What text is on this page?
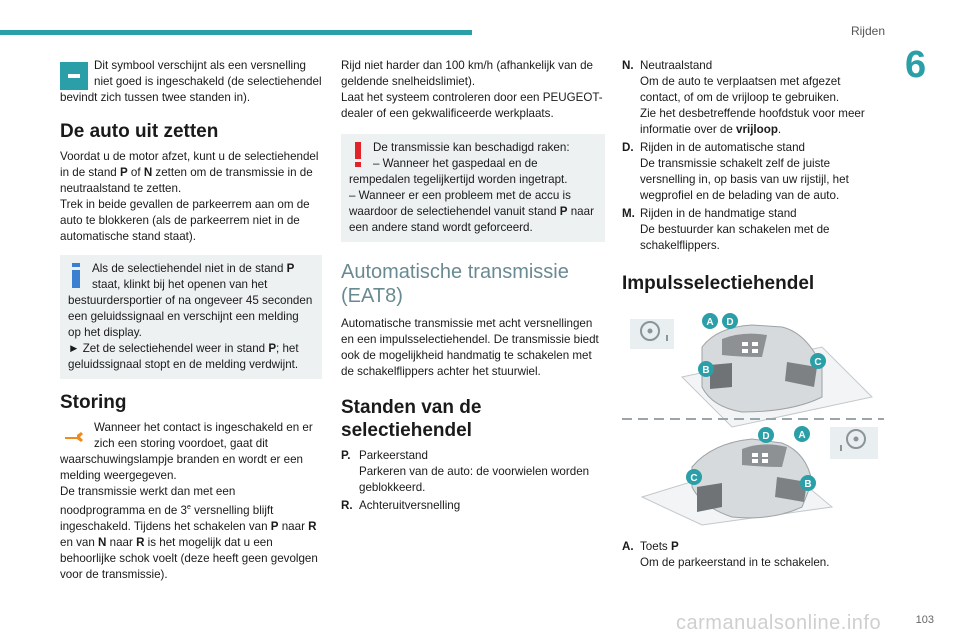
Rijden
6
103
carmanualsonline.info

Dit symbool verschijnt als een versnelling niet goed is ingeschakeld (de selectiehendel bevindt zich tussen twee standen in).

De auto uit zetten

Voordat u de motor afzet, kunt u de selectiehendel in de stand P of N zetten om de transmissie in de neutraalstand te zetten.

Trek in beide gevallen de parkeerrem aan om de auto te blokkeren (als de parkeerrem niet in de automatische stand staat).

Als de selectiehendel niet in de stand P staat, klinkt bij het openen van het bestuurdersportier of na ongeveer 45 seconden een geluidssignaal en verschijnt een melding op het display.

► Zet de selectiehendel weer in stand P; het geluidssignaal stopt en de melding verdwijnt.

Storing

Wanneer het contact is ingeschakeld en er zich een storing voordoet, gaat dit waarschuwingslampje branden en wordt er een melding weergegeven.

De transmissie werkt dan met een noodprogramma en de 3e versnelling blijft ingeschakeld. Tijdens het schakelen van P naar R en van N naar R is het mogelijk dat u een behoorlijke schok voelt (deze heeft geen gevolgen voor de transmissie).

Rijd niet harder dan 100 km/h (afhankelijk van de geldende snelheidslimiet).

Laat het systeem controleren door een PEUGEOT-dealer of een gekwalificeerde werkplaats.

De transmissie kan beschadigd raken:

– Wanneer het gaspedaal en de rempedalen tegelijkertijd worden ingetrapt.

– Wanneer er een probleem met de accu is waardoor de selectiehendel vanuit stand P naar een andere stand wordt geforceerd.

Automatische transmissie (EAT8)

Automatische transmissie met acht versnellingen en een impulsselectiehendel. De transmissie biedt ook de mogelijkheid handmatig te schakelen met de schakelflippers achter het stuurwiel.

Standen van de selectiehendel
P. Parkeerstand
Parkeren van de auto: de voorwielen worden geblokkeerd.
R. Achteruitversnelling
N. Neutraalstand
Om de auto te verplaatsen met afgezet contact, of om de vrijloop te gebruiken.
Zie het desbetreffende hoofdstuk voor meer informatie over de vrijloop.
D. Rijden in de automatische stand
De transmissie schakelt zelf de juiste versnelling in, op basis van uw rijstijl, het wegprofiel en de belading van de auto.
M. Rijden in de handmatige stand
De bestuurder kan schakelen met de schakelflippers.
Impulsselectiehendel
A D
B
C
D	A
C
B
A. Toets P
Om de parkeerstand in te schakelen.
